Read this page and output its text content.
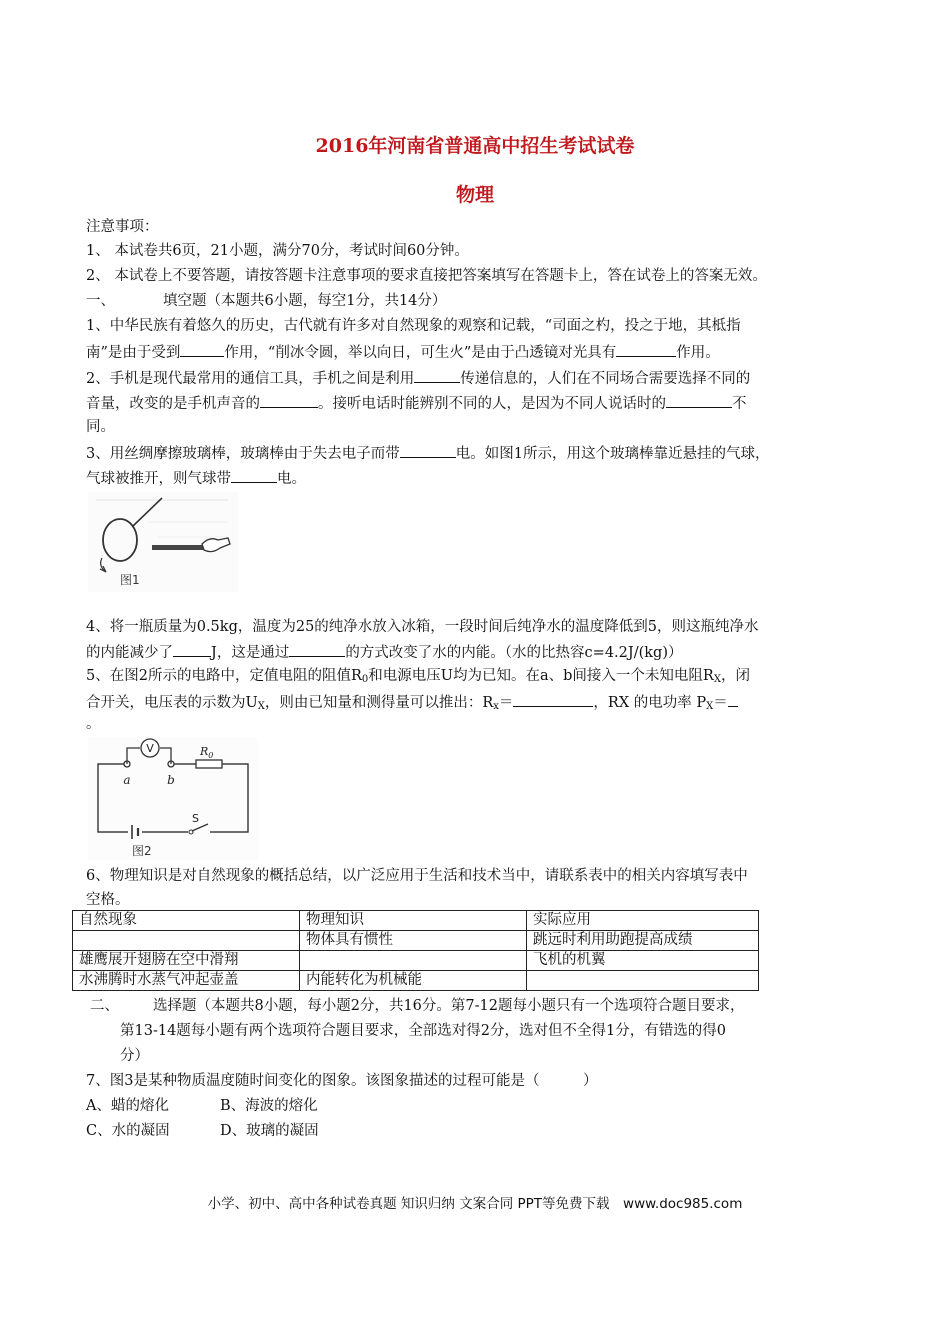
2016年河南省普通高中招生考试试卷
物理
注意事项：
1、 本试卷共6页，21小题，满分70分，考试时间60分钟。
2、 本试卷上不要答题，请按答题卡注意事项的要求直接把答案填写在答题卡上，答在试卷上的答案无效。
一、	填空题（本题共6小题，每空1分，共14分）
1、中华民族有着悠久的历史，古代就有许多对自然现象的观察和记载，“司面之杓，投之于地，其柢指
南”是由于受到	作用，“削冰令圆，举以向日，可生火”是由于凸透镜对光具有	作用。
2、手机是现代最常用的通信工具，手机之间是利用	传递信息的，人们在不同场合需要选择不同的
音量，改变的是手机声音的	。接听电话时能辨别不同的人，是因为不同人说话时的	不
同。
3、用丝绸摩擦玻璃棒，玻璃棒由于失去电子而带	电。如图1所示，用这个玻璃棒靠近悬挂的气球，
气球被推开，则气球带	电。
图1
4、将一瓶质量为0.5kg，温度为25的纯净水放入冰箱，一段时间后纯净水的温度降低到5，则这瓶纯净水
的内能减少了	J，这是通过	的方式改变了水的内能。（水的比热容c=4.2J/(kg)）
5、在图2所示的电路中，定值电阻的阻值$R_0$和电源电压U均为已知。在a、b间接入一个未知电阻$R_X$，闭
合开关，电压表的示数为$U_X$，则由已知量和测得量可以推出：$R_x=$	，RX 的电功率 $P_X=$
。
V
a	b
$R_0$
S
图2
6、物理知识是对自然现象的概括总结，以广泛应用于生活和技术当中，请联系表中的相关内容填写表中
空格。
自然现象	物理知识	实际应用
	物体具有惯性	跳远时利用助跑提高成绩
雄鹰展开翅膀在空中滑翔		飞机的机翼
水沸腾时水蒸气冲起壶盖	内能转化为机械能	
二、 选择题（本题共8小题，每小题2分，共16分。第7-12题每小题只有一个选项符合题目要求，
第13-14题每小题有两个选项符合题目要求，全部选对得2分，选对但不全得1分，有错选的得0
分）
7、图3是某种物质温度随时间变化的图象。该图象描述的过程可能是（　　　）
A、蜡的熔化	B、海波的熔化
C、水的凝固	D、玻璃的凝固
小学、初中、高中各种试卷真题 知识归纳 文案合同 PPT等免费下载　www.doc985.com
